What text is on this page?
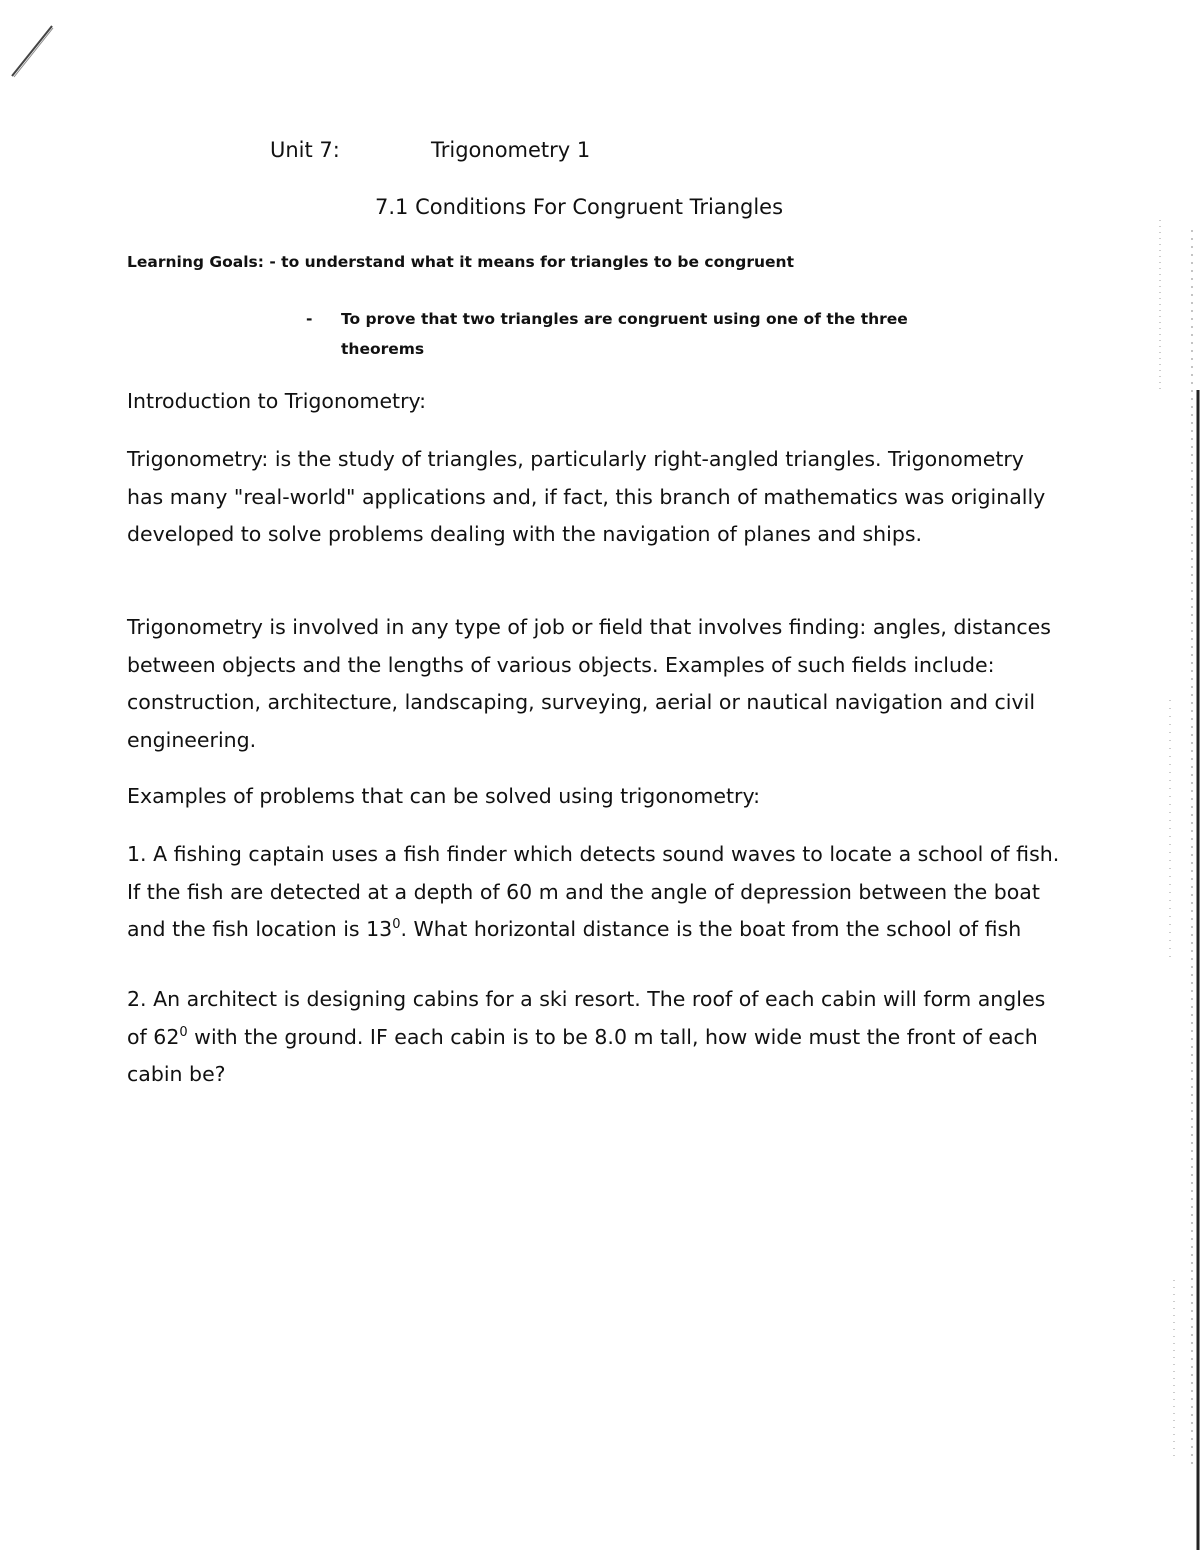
Unit 7:	Trigonometry 1
7.1 Conditions For Congruent Triangles
Learning Goals: - to understand what it means for triangles to be congruent
- To prove that two triangles are congruent using one of the three theorems
Introduction to Trigonometry:
Trigonometry: is the study of triangles, particularly right-angled triangles. Trigonometry has many "real-world" applications and, if fact, this branch of mathematics was originally developed to solve problems dealing with the navigation of planes and ships.
Trigonometry is involved in any type of job or field that involves finding: angles, distances between objects and the lengths of various objects. Examples of such fields include: construction, architecture, landscaping, surveying, aerial or nautical navigation and civil engineering.
Examples of problems that can be solved using trigonometry:
1. A fishing captain uses a fish finder which detects sound waves to locate a school of fish. If the fish are detected at a depth of 60 m and the angle of depression between the boat and the fish location is $13^0$. What horizontal distance is the boat from the school of fish
2. An architect is designing cabins for a ski resort. The roof of each cabin will form angles of $62^0$ with the ground. IF each cabin is to be 8.0 m tall, how wide must the front of each cabin be?
